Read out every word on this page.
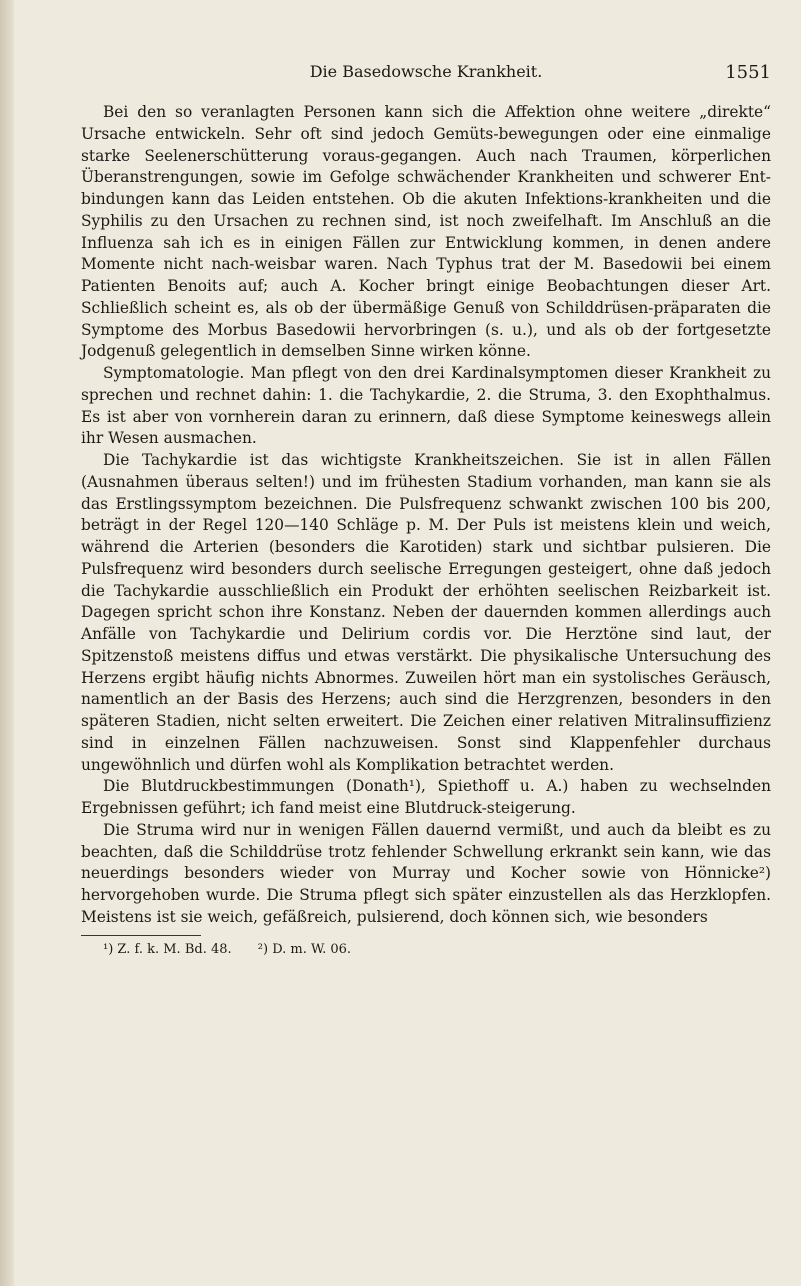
Die Basedowsche Krankheit.	1551

Bei den so veranlagten Personen kann sich die Affektion ohne weitere „direkte“ Ursache entwickeln. Sehr oft sind jedoch Gemüts-bewegungen oder eine einmalige starke Seelenerschütterung voraus-gegangen. Auch nach Traumen, körperlichen Überanstrengungen, sowie im Gefolge schwächender Krankheiten und schwerer Ent-bindungen kann das Leiden entstehen. Ob die akuten Infektions-krankheiten und die Syphilis zu den Ursachen zu rechnen sind, ist noch zweifelhaft. Im Anschluß an die Influenza sah ich es in einigen Fällen zur Entwicklung kommen, in denen andere Momente nicht nach-weisbar waren. Nach Typhus trat der M. Basedowii bei einem Patienten Benoits auf; auch A. Kocher bringt einige Beobachtungen dieser Art. Schließlich scheint es, als ob der übermäßige Genuß von Schilddrüsen-präparaten die Symptome des Morbus Basedowii hervorbringen (s. u.), und als ob der fortgesetzte Jodgenuß gelegentlich in demselben Sinne wirken könne.

Symptomatologie. Man pflegt von den drei Kardinalsymptomen dieser Krankheit zu sprechen und rechnet dahin: 1. die Tachykardie, 2. die Struma, 3. den Exophthalmus. Es ist aber von vornherein daran zu erinnern, daß diese Symptome keineswegs allein ihr Wesen ausmachen.

Die Tachykardie ist das wichtigste Krankheitszeichen. Sie ist in allen Fällen (Ausnahmen überaus selten!) und im frühesten Stadium vorhanden, man kann sie als das Erstlingssymptom bezeichnen. Die Pulsfrequenz schwankt zwischen 100 bis 200, beträgt in der Regel 120—140 Schläge p. M. Der Puls ist meistens klein und weich, während die Arterien (besonders die Karotiden) stark und sichtbar pulsieren. Die Pulsfrequenz wird besonders durch seelische Erregungen gesteigert, ohne daß jedoch die Tachykardie ausschließlich ein Produkt der erhöhten seelischen Reizbarkeit ist. Dagegen spricht schon ihre Konstanz. Neben der dauernden kommen allerdings auch Anfälle von Tachykardie und Delirium cordis vor. Die Herztöne sind laut, der Spitzenstoß meistens diffus und etwas verstärkt. Die physikalische Untersuchung des Herzens ergibt häufig nichts Abnormes. Zuweilen hört man ein systolisches Geräusch, namentlich an der Basis des Herzens; auch sind die Herzgrenzen, besonders in den späteren Stadien, nicht selten erweitert. Die Zeichen einer relativen Mitralinsuffizienz sind in einzelnen Fällen nachzuweisen. Sonst sind Klappenfehler durchaus ungewöhnlich und dürfen wohl als Komplikation betrachtet werden.

Die Blutdruckbestimmungen (Donath¹), Spiethoff u. A.) haben zu wechselnden Ergebnissen geführt; ich fand meist eine Blutdruck-steigerung.

Die Struma wird nur in wenigen Fällen dauernd vermißt, und auch da bleibt es zu beachten, daß die Schilddrüse trotz fehlender Schwellung erkrankt sein kann, wie das neuerdings besonders wieder von Murray und Kocher sowie von Hönnicke²) hervorgehoben wurde. Die Struma pflegt sich später einzustellen als das Herzklopfen. Meistens ist sie weich, gefäßreich, pulsierend, doch können sich, wie besonders

¹) Z. f. k. M. Bd. 48. ²) D. m. W. 06.
